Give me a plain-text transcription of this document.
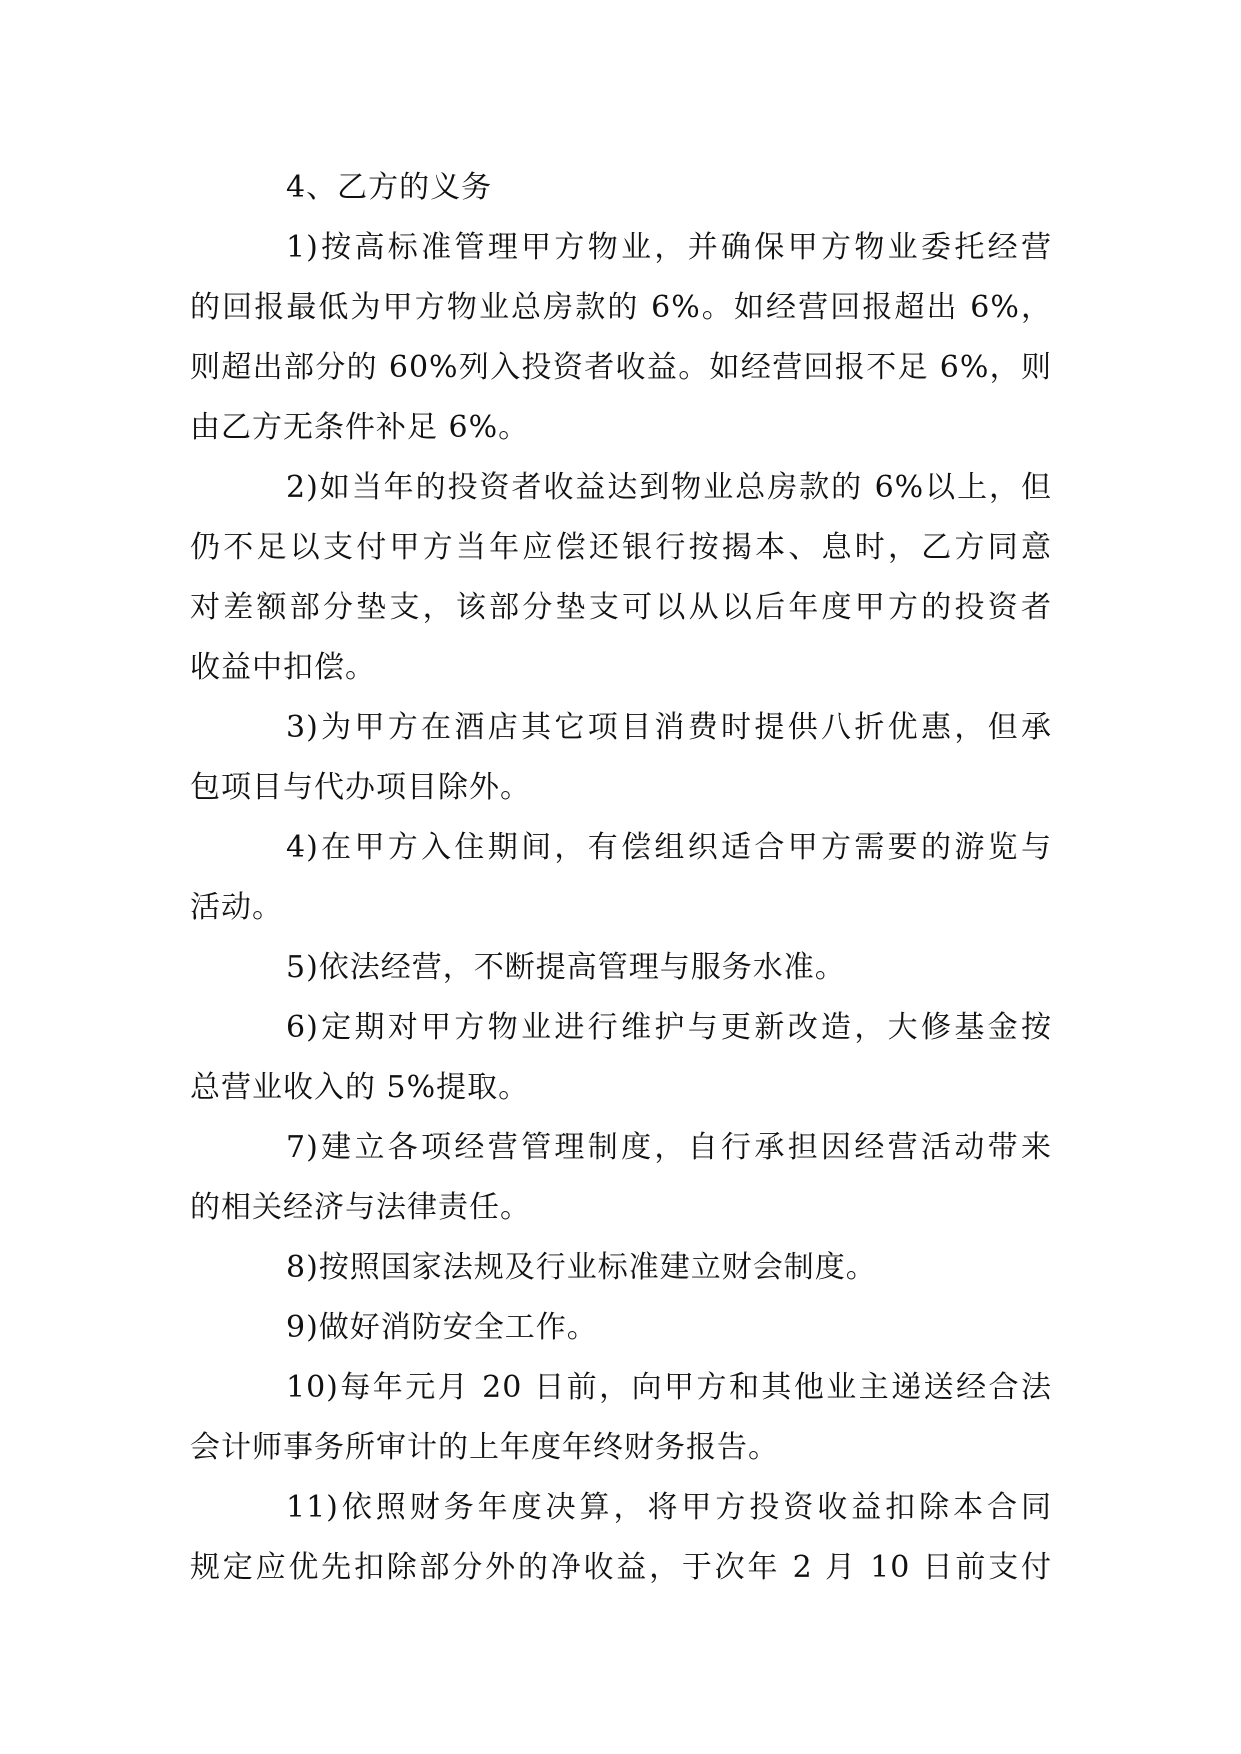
4、乙方的义务
1)按高标准管理甲方物业，并确保甲方物业委托经营
的回报最低为甲方物业总房款的 6%。如经营回报超出 6%，
则超出部分的 60%列入投资者收益。如经营回报不足 6%，则
由乙方无条件补足 6%。
2)如当年的投资者收益达到物业总房款的 6%以上，但
仍不足以支付甲方当年应偿还银行按揭本、息时，乙方同意
对差额部分垫支，该部分垫支可以从以后年度甲方的投资者
收益中扣偿。
3)为甲方在酒店其它项目消费时提供八折优惠，但承
包项目与代办项目除外。
4)在甲方入住期间，有偿组织适合甲方需要的游览与
活动。
5)依法经营，不断提高管理与服务水准。
6)定期对甲方物业进行维护与更新改造，大修基金按
总营业收入的 5%提取。
7)建立各项经营管理制度，自行承担因经营活动带来
的相关经济与法律责任。
8)按照国家法规及行业标准建立财会制度。
9)做好消防安全工作。
10)每年元月 20 日前，向甲方和其他业主递送经合法
会计师事务所审计的上年度年终财务报告。
11)依照财务年度决算，将甲方投资收益扣除本合同
规定应优先扣除部分外的净收益，于次年 2 月 10 日前支付
